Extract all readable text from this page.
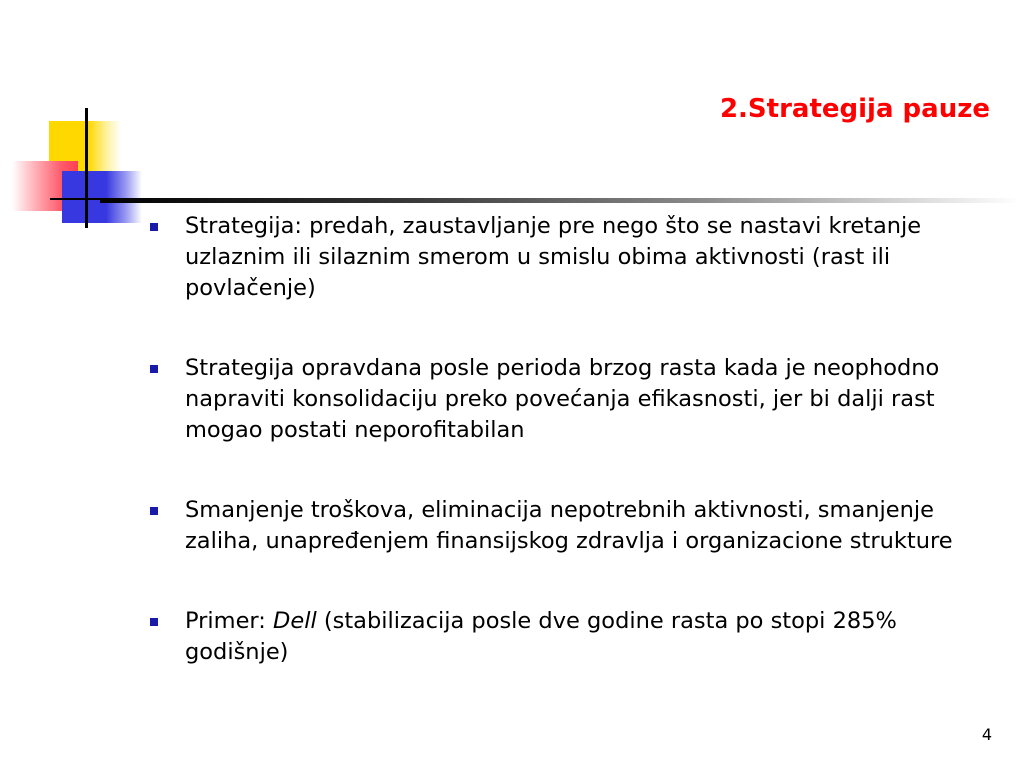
2.Strategija pauze
Strategija: predah, zaustavljanje pre nego što se nastavi kretanje uzlaznim ili silaznim smerom u smislu obima aktivnosti (rast ili povlačenje)
Strategija opravdana posle perioda brzog rasta kada je neophodno napraviti konsolidaciju preko povećanja efikasnosti, jer bi dalji rast mogao postati neporofitabilan
Smanjenje troškova, eliminacija nepotrebnih aktivnosti, smanjenje zaliha, unapređenjem finansijskog zdravlja i organizacione strukture
Primer: Dell (stabilizacija posle dve godine rasta po stopi 285% godišnje)
4
